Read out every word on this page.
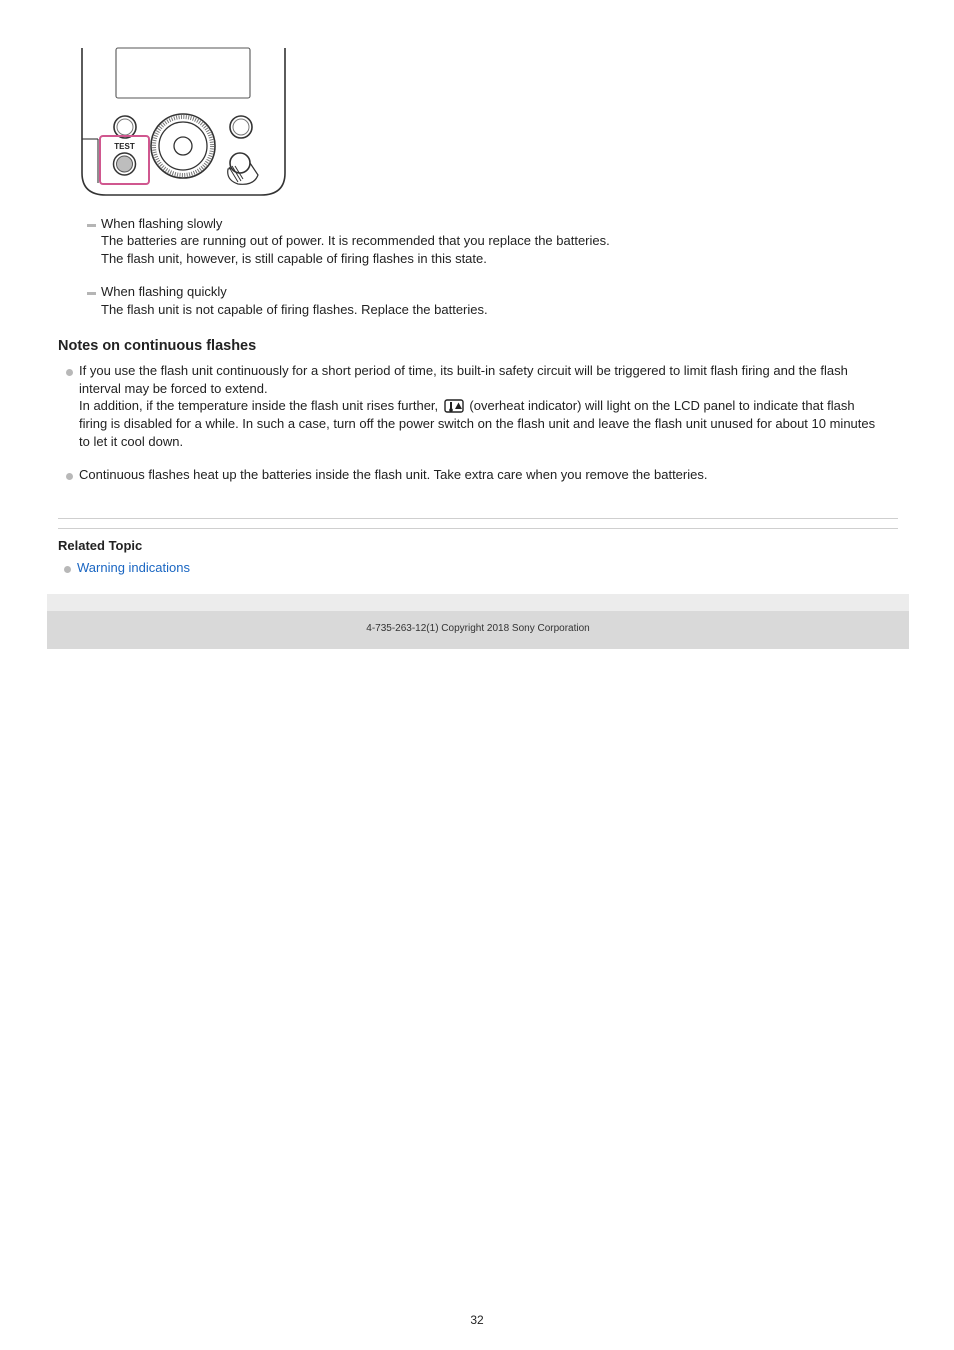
TEST
When flashing slowly
The batteries are running out of power. It is recommended that you replace the batteries.
The flash unit, however, is still capable of firing flashes in this state.
When flashing quickly
The flash unit is not capable of firing flashes. Replace the batteries.
Notes on continuous flashes
If you use the flash unit continuously for a short period of time, its built-in safety circuit will be triggered to limit flash firing and the flash
interval may be forced to extend.
In addition, if the temperature inside the flash unit rises further, (overheat indicator) will light on the LCD panel to indicate that flash
firing is disabled for a while. In such a case, turn off the power switch on the flash unit and leave the flash unit unused for about 10 minutes
to let it cool down.
Continuous flashes heat up the batteries inside the flash unit. Take extra care when you remove the batteries.
Related Topic
Warning indications
4-735-263-12(1) Copyright 2018 Sony Corporation
32
